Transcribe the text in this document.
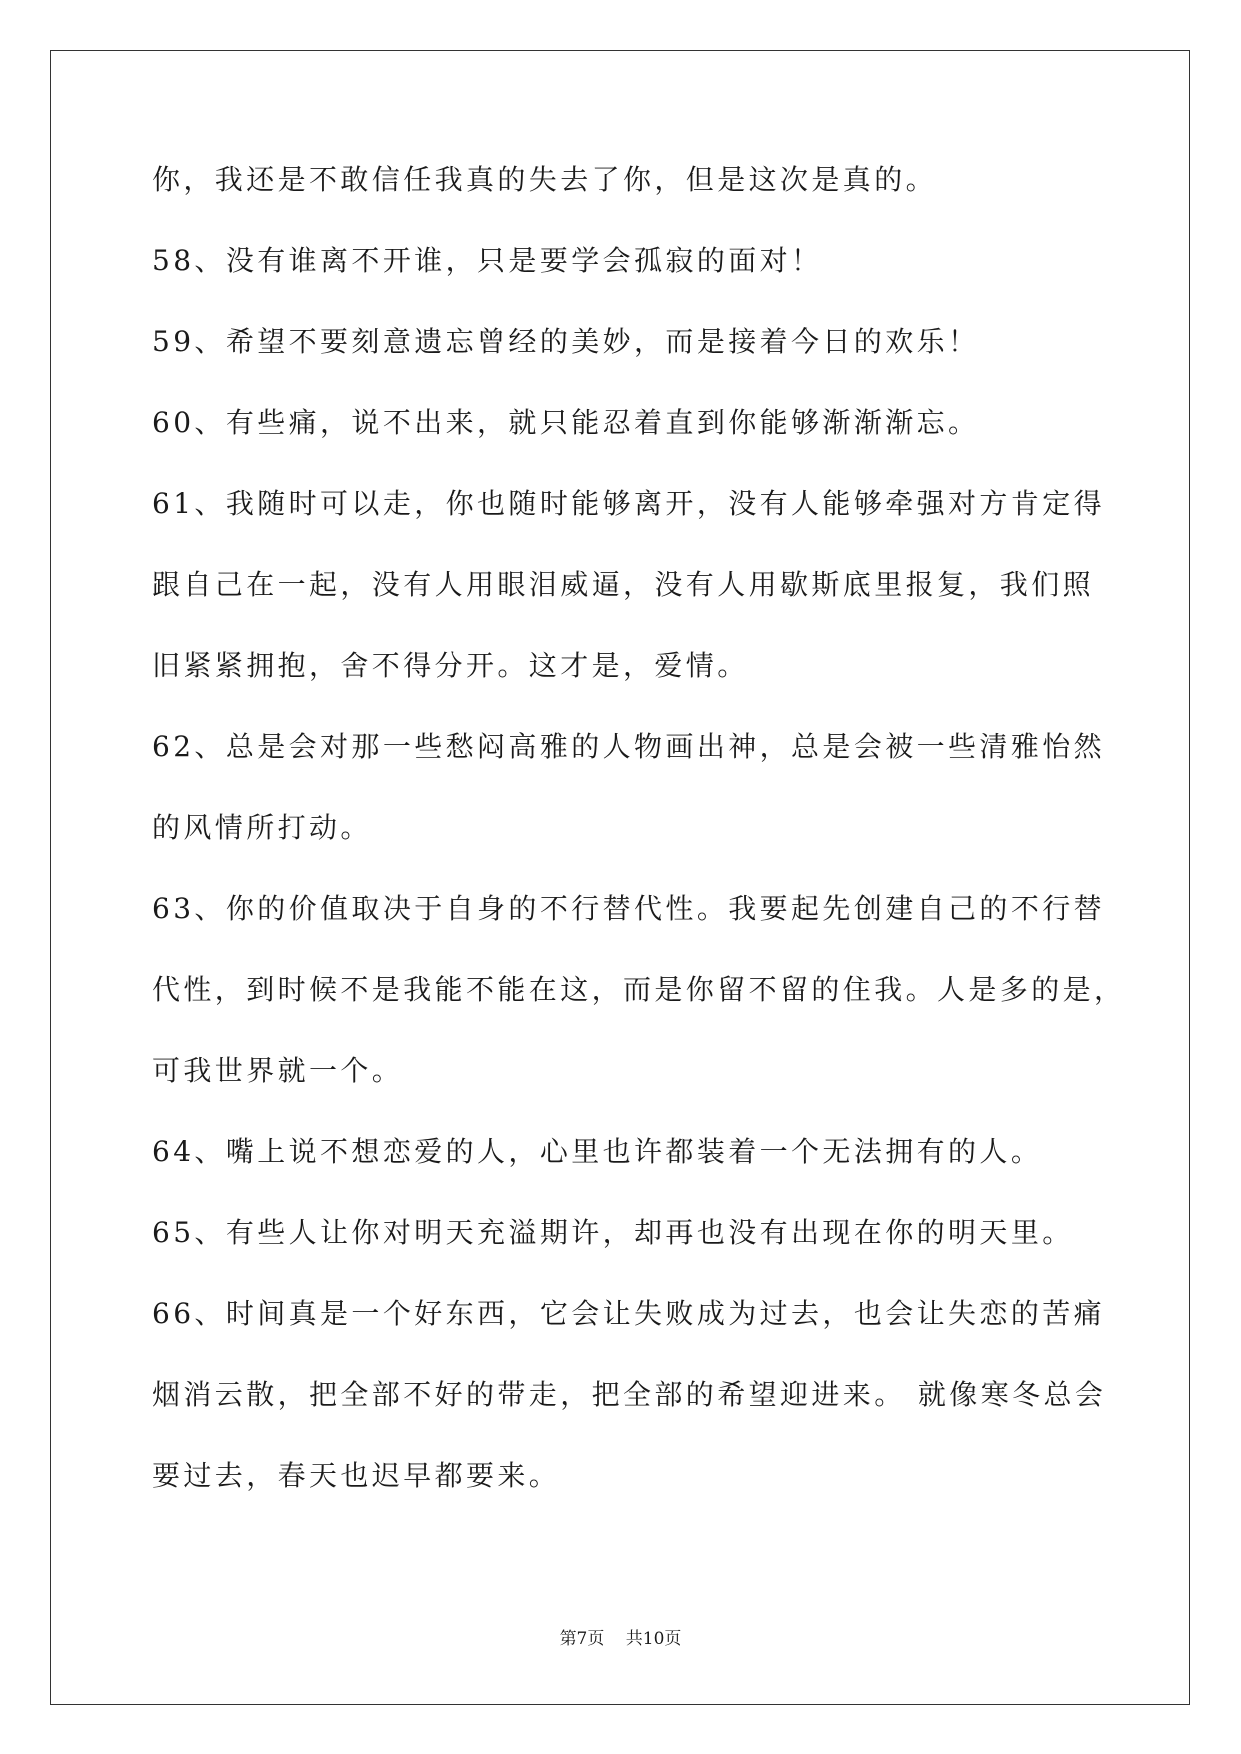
你，我还是不敢信任我真的失去了你，但是这次是真的。

58、没有谁离不开谁，只是要学会孤寂的面对！

59、希望不要刻意遗忘曾经的美妙，而是接着今日的欢乐！

60、有些痛，说不出来，就只能忍着直到你能够渐渐渐忘。

61、我随时可以走，你也随时能够离开，没有人能够牵强对方肯定得

跟自己在一起，没有人用眼泪威逼，没有人用歇斯底里报复，我们照

旧紧紧拥抱，舍不得分开。这才是，爱情。

62、总是会对那一些愁闷高雅的人物画出神，总是会被一些清雅怡然

的风情所打动。

63、你的价值取决于自身的不行替代性。我要起先创建自己的不行替

代性，到时候不是我能不能在这，而是你留不留的住我。人是多的是，

可我世界就一个。

64、嘴上说不想恋爱的人，心里也许都装着一个无法拥有的人。

65、有些人让你对明天充溢期许，却再也没有出现在你的明天里。

66、时间真是一个好东西，它会让失败成为过去，也会让失恋的苦痛

烟消云散，把全部不好的带走，把全部的希望迎进来。 就像寒冬总会

要过去，春天也迟早都要来。

第7页 共10页
